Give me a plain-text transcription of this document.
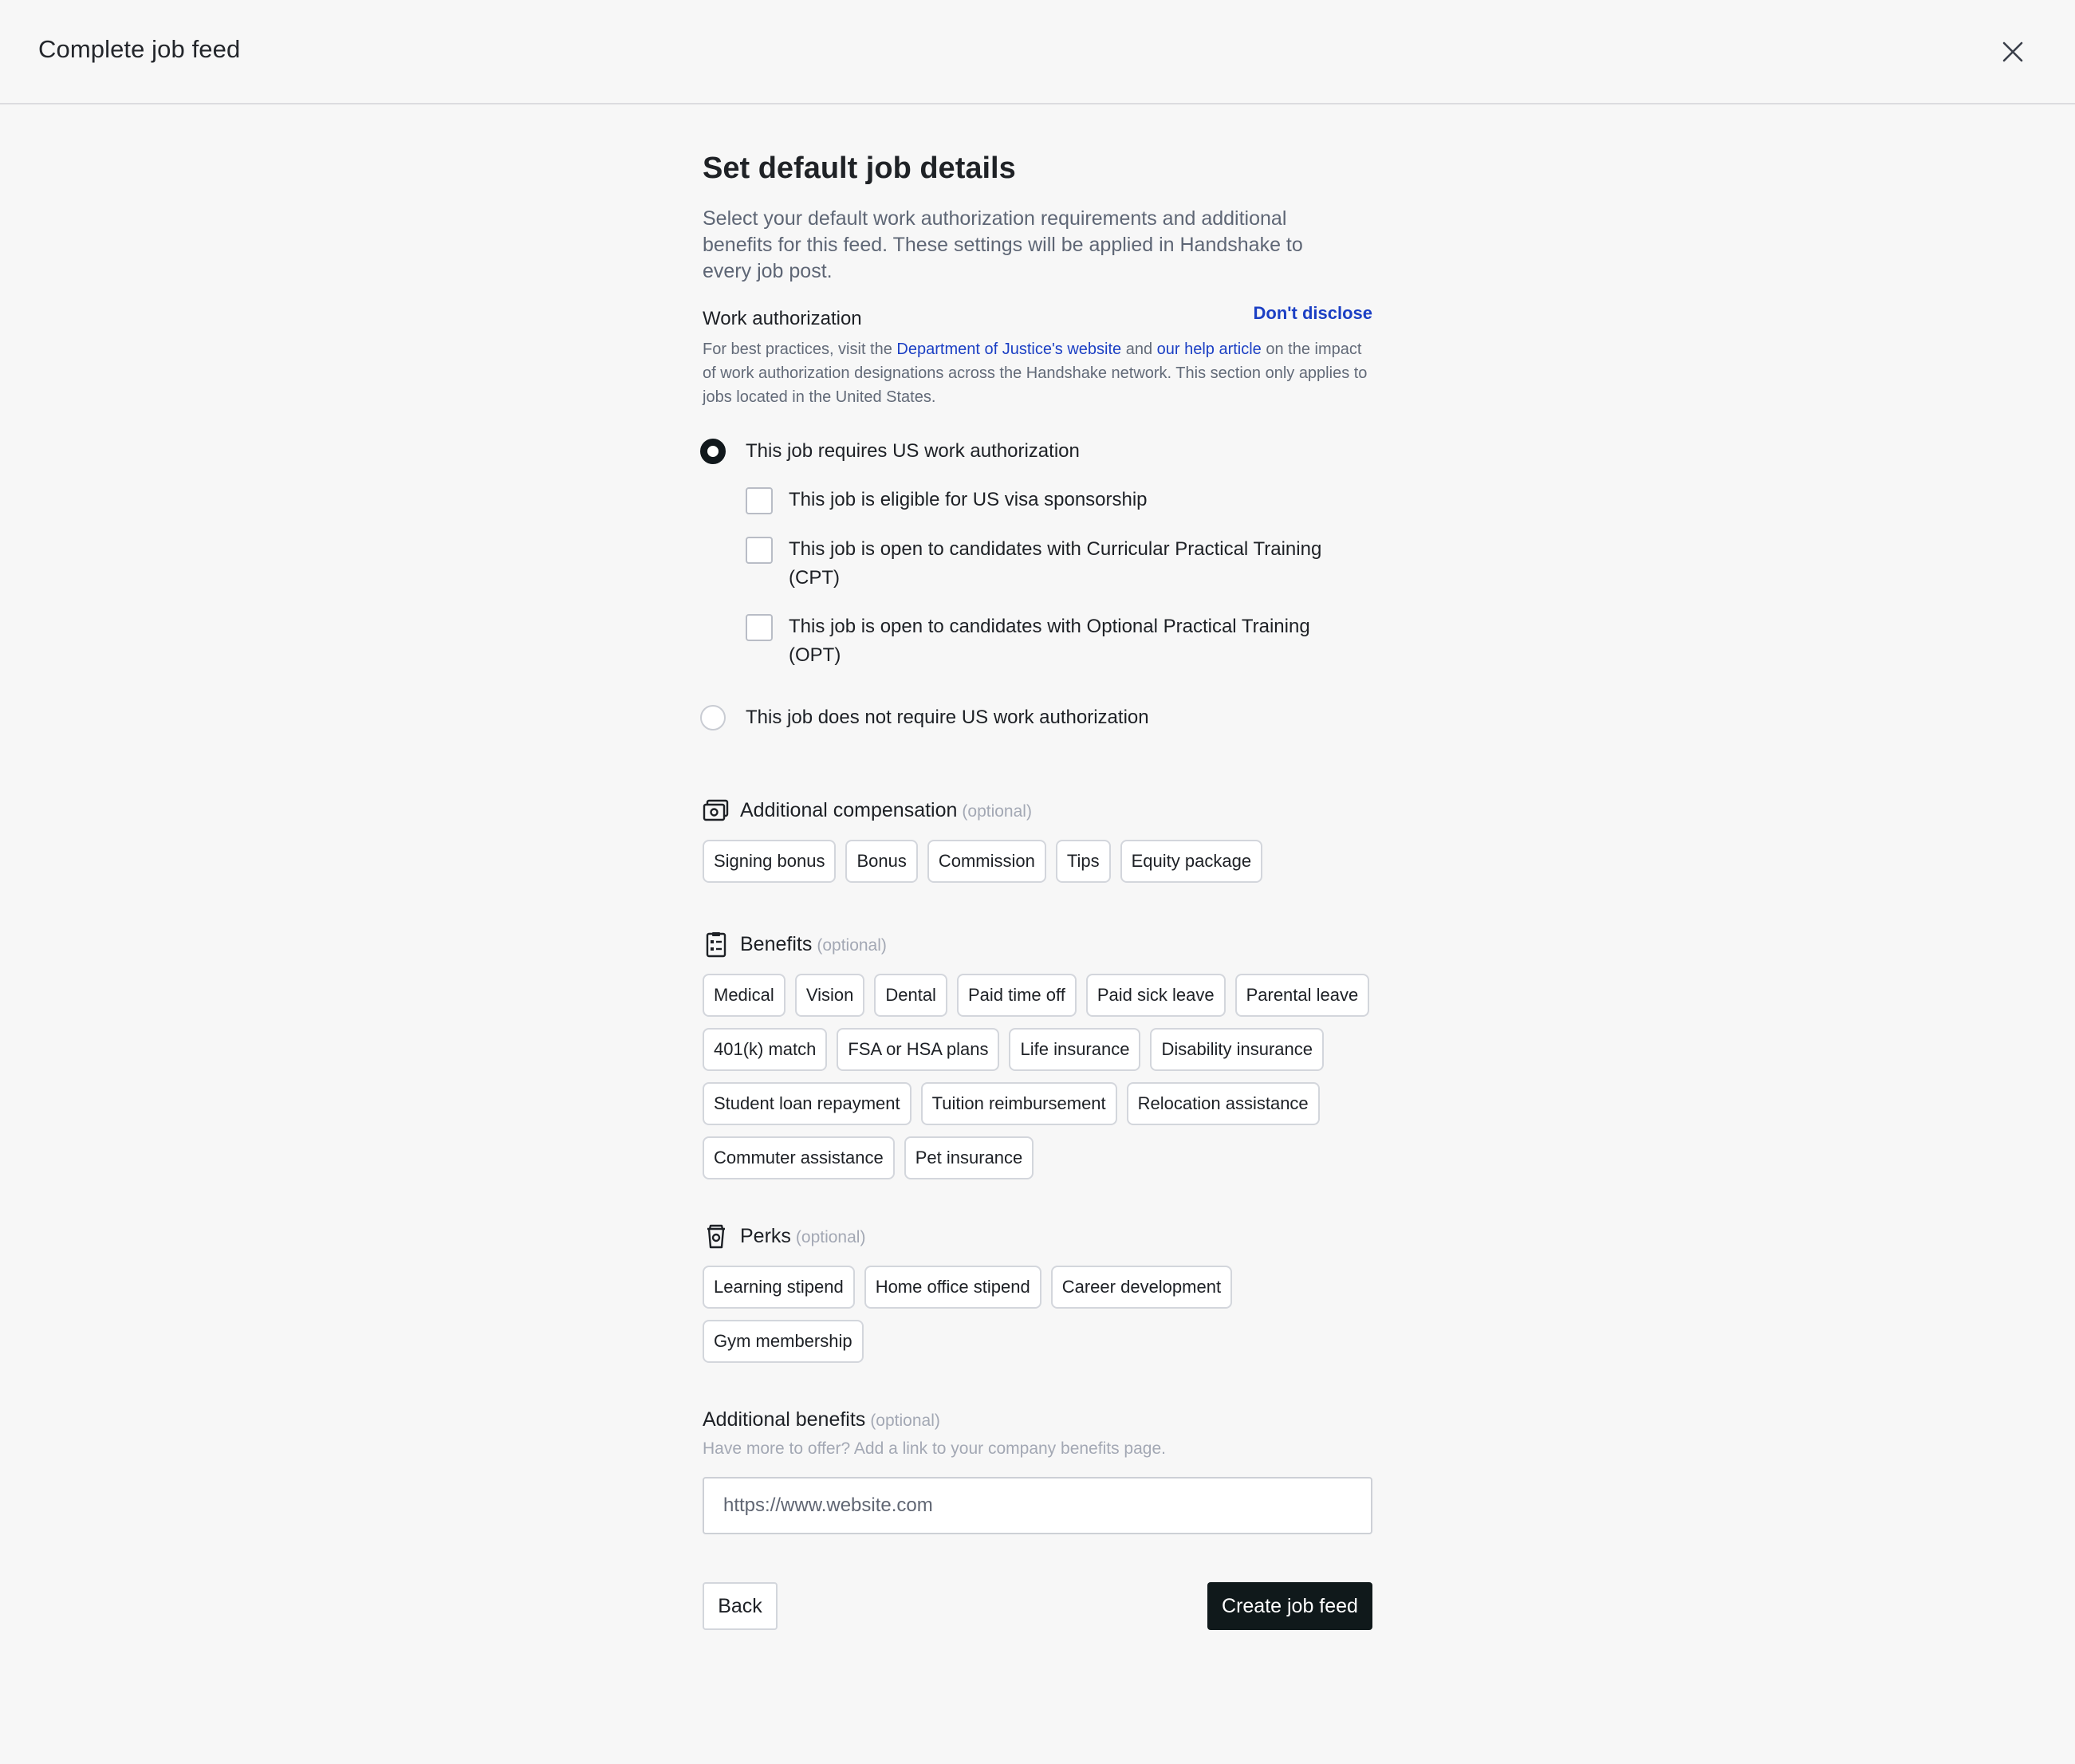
Complete job feed
Set default job details
Select your default work authorization requirements and additional benefits for this feed. These settings will be applied in Handshake to every job post.
Work authorization	Don't disclose
For best practices, visit the Department of Justice's website and our help article on the impact of work authorization designations across the Handshake network. This section only applies to jobs located in the United States.
This job requires US work authorization
This job is eligible for US visa sponsorship
This job is open to candidates with Curricular Practical Training (CPT)
This job is open to candidates with Optional Practical Training (OPT)
This job does not require US work authorization
Additional compensation (optional)
Signing bonus	Bonus	Commission	Tips	Equity package
Benefits (optional)
Medical	Vision	Dental	Paid time off	Paid sick leave	Parental leave
401(k) match	FSA or HSA plans	Life insurance	Disability insurance
Student loan repayment	Tuition reimbursement	Relocation assistance
Commuter assistance	Pet insurance
Perks (optional)
Learning stipend	Home office stipend	Career development
Gym membership
Additional benefits (optional)
Have more to offer? Add a link to your company benefits page.
https://www.website.com
Back	Create job feed
